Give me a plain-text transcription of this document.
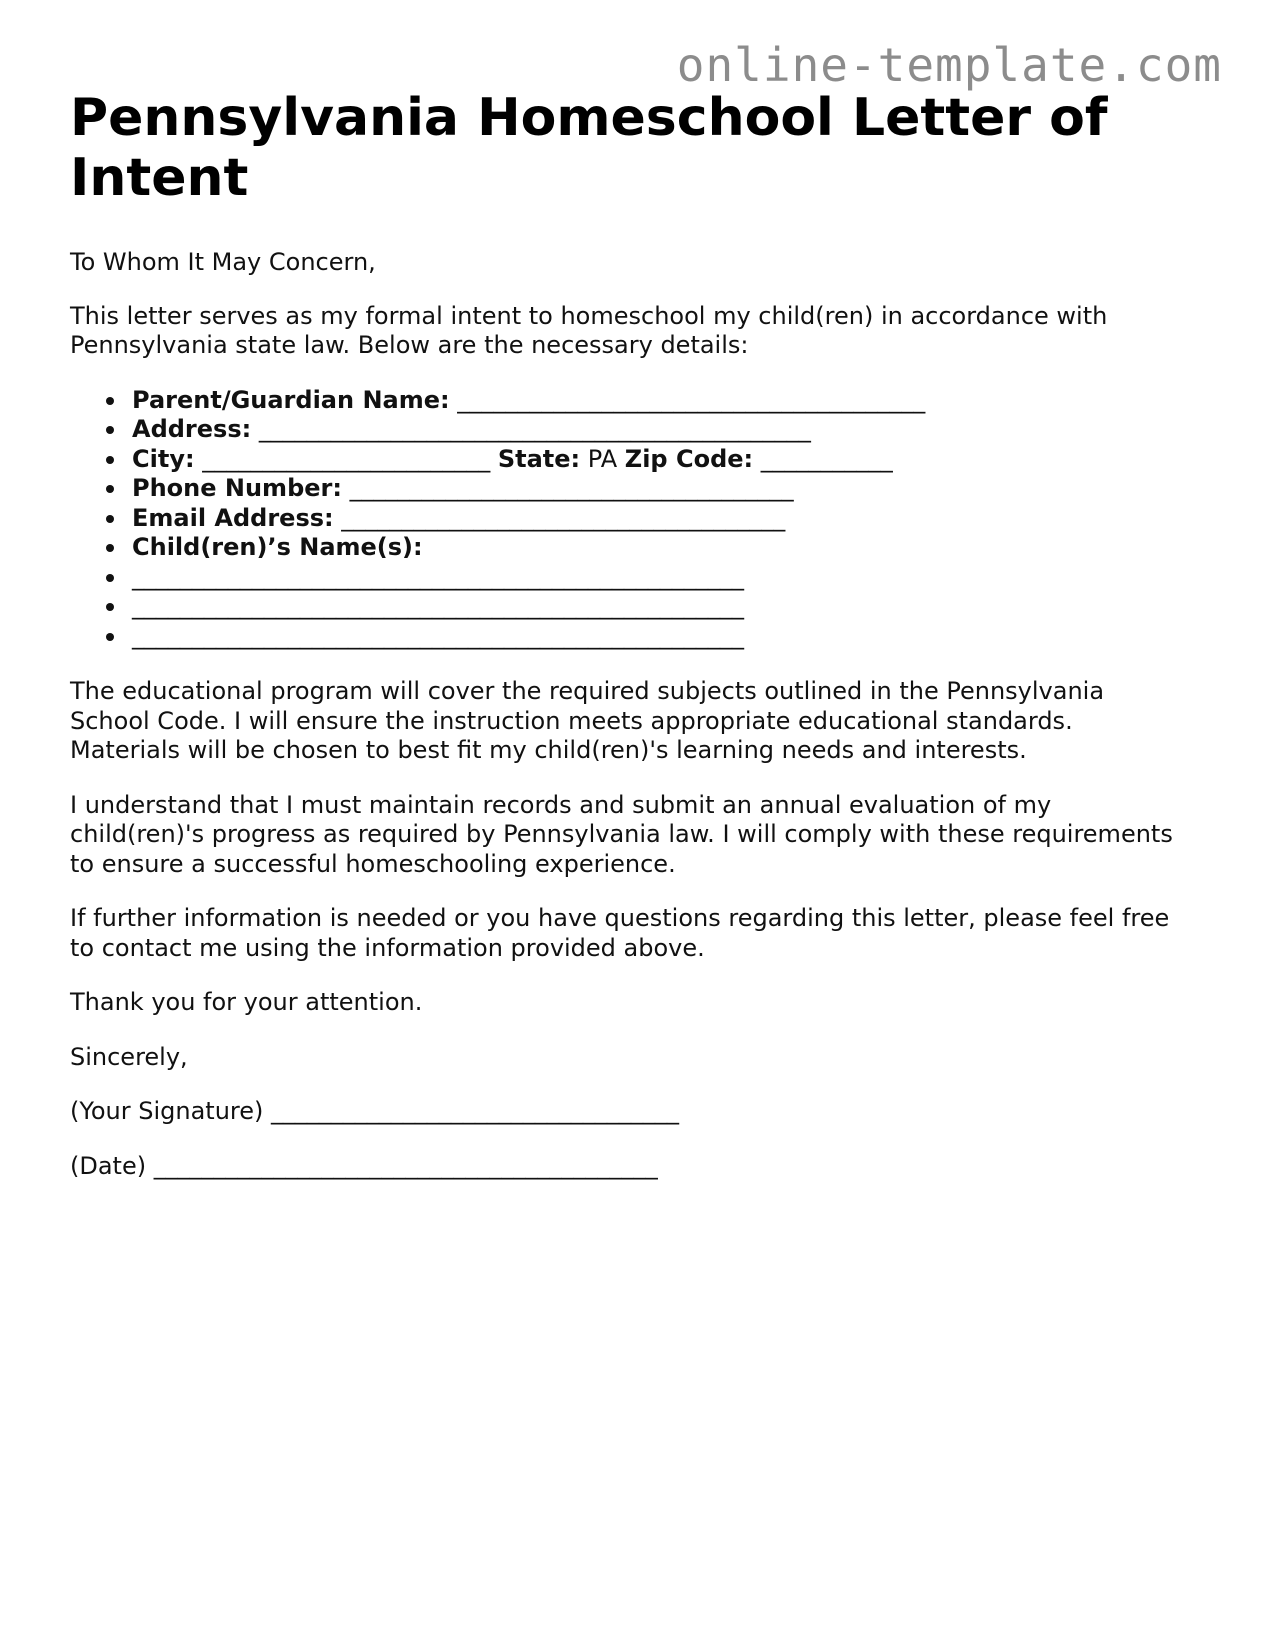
online-template.com
Pennsylvania Homeschool Letter of Intent

To Whom It May Concern,

This letter serves as my formal intent to homeschool my child(ren) in accordance with Pennsylvania state law. Below are the necessary details:

Parent/Guardian Name: _______________________________________
Address: ______________________________________________
City: ________________________ State: PA Zip Code: ___________
Phone Number: _____________________________________
Email Address: _____________________________________
Child(ren)’s Name(s):
___________________________________________________
___________________________________________________
___________________________________________________

The educational program will cover the required subjects outlined in the Pennsylvania School Code. I will ensure the instruction meets appropriate educational standards. Materials will be chosen to best fit my child(ren)'s learning needs and interests.

I understand that I must maintain records and submit an annual evaluation of my child(ren)'s progress as required by Pennsylvania law. I will comply with these requirements to ensure a successful homeschooling experience.

If further information is needed or you have questions regarding this letter, please feel free to contact me using the information provided above.

Thank you for your attention.

Sincerely,

(Your Signature) __________________________________

(Date) __________________________________________
